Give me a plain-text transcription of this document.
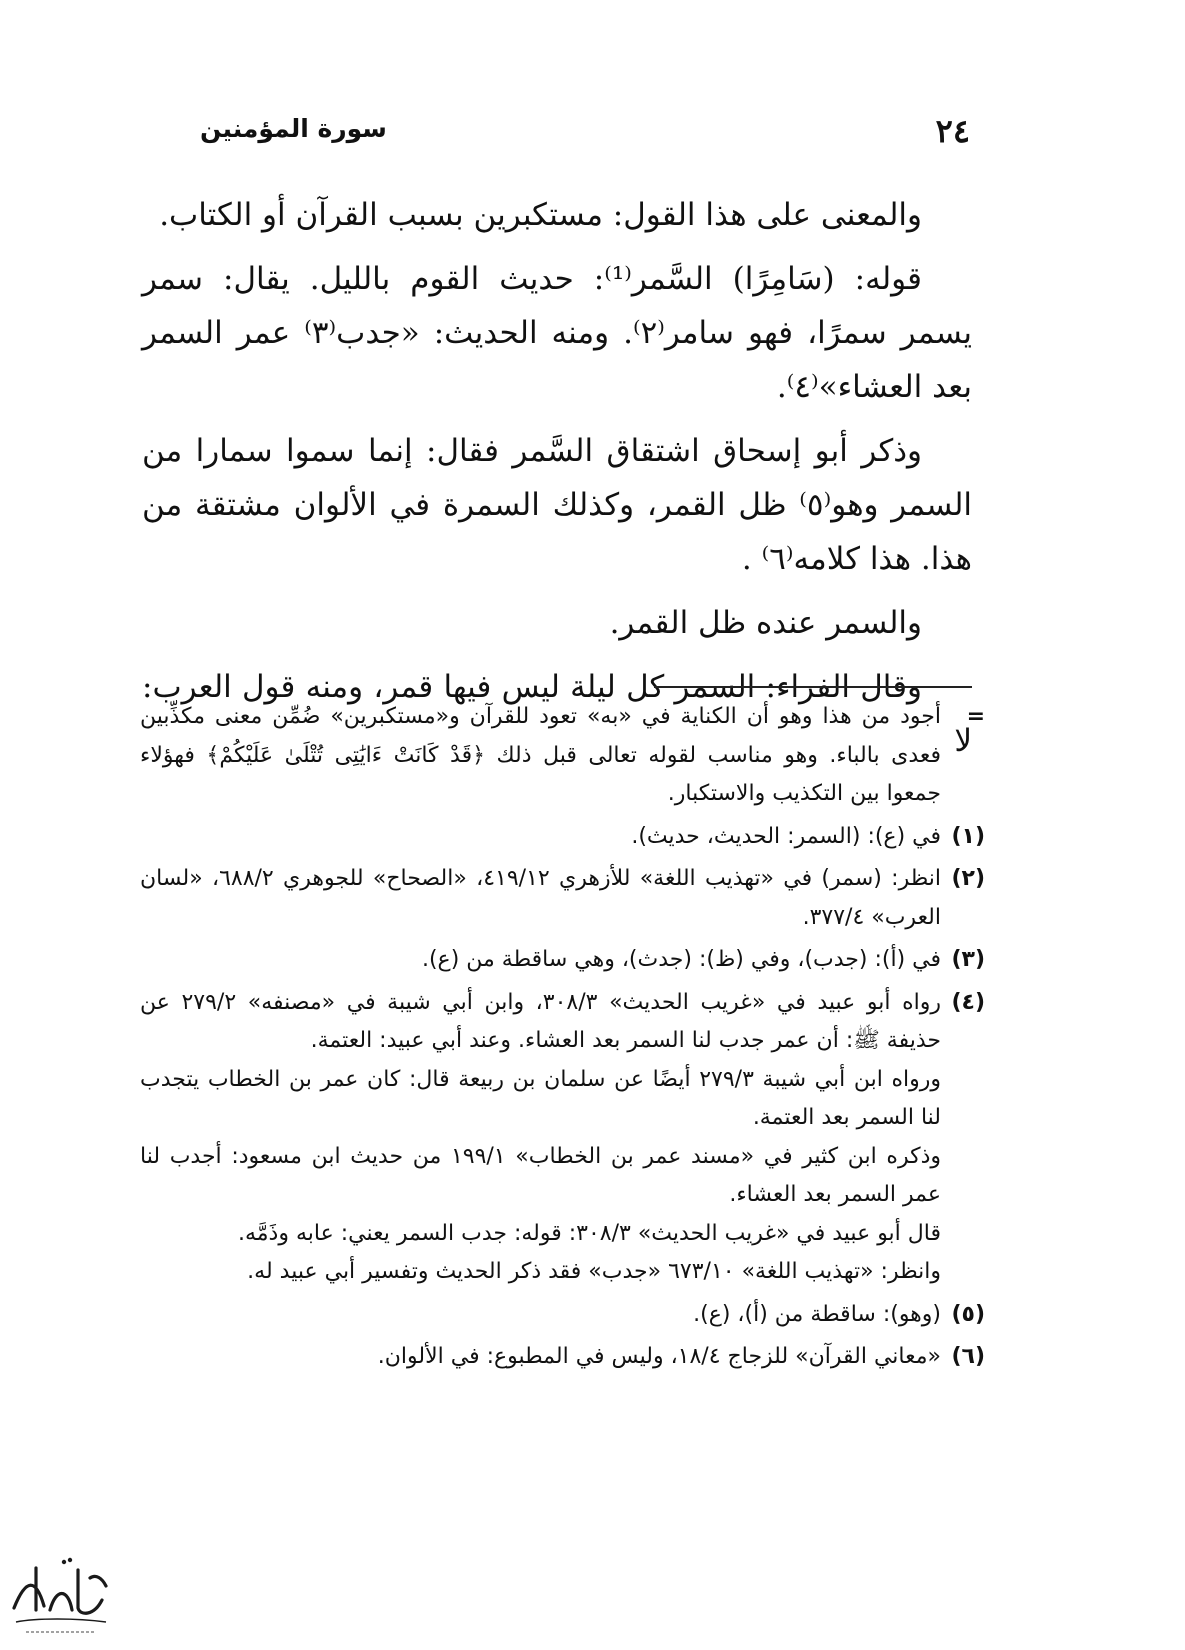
٢٤
سورة المؤمنين

والمعنى على هذا القول: مستكبرين بسبب القرآن أو الكتاب.

قوله: (سَامِرًا) السَّمر⁽¹⁾: حديث القوم بالليل. يقال: سمر يسمر سمرًا، فهو سامر⁽٢⁾. ومنه الحديث: «جدب⁽٣⁾ عمر السمر بعد العشاء»⁽٤⁾.

وذكر أبو إسحاق اشتقاق السَّمر فقال: إنما سموا سمارا من السمر وهو⁽٥⁾ ظل القمر، وكذلك السمرة في الألوان مشتقة من هذا. هذا كلامه⁽٦⁾ .

والسمر عنده ظل القمر.

وقال الفراء: السمر كل ليلة ليس فيها قمر، ومنه قول العرب: لا

=

أجود من هذا وهو أن الكناية في «به» تعود للقرآن و«مستكبرين» ضُمِّن معنى مكذِّبين فعدى بالباء. وهو مناسب لقوله تعالى قبل ذلك ﴿قَدْ كَانَتْ ءَايَٰتِى تُتْلَىٰ عَلَيْكُمْ﴾ فهؤلاء جمعوا بين التكذيب والاستكبار.

(١)

في (ع): (السمر: الحديث، حديث).

(٢)

انظر: (سمر) في «تهذيب اللغة» للأزهري ٤١٩/١٢، «الصحاح» للجوهري ٦٨٨/٢، «لسان العرب» ٣٧٧/٤.

(٣)

في (أ): (جدب)، وفي (ظ): (جدث)، وهي ساقطة من (ع).

(٤)

رواه أبو عبيد في «غريب الحديث» ٣٠٨/٣، وابن أبي شيبة في «مصنفه» ٢٧٩/٢ عن حذيفة ﷺ: أن عمر جدب لنا السمر بعد العشاء. وعند أبي عبيد: العتمة.

ورواه ابن أبي شيبة ٢٧٩/٣ أيضًا عن سلمان بن ربيعة قال: كان عمر بن الخطاب يتجدب لنا السمر بعد العتمة.

وذكره ابن كثير في «مسند عمر بن الخطاب» ١٩٩/١ من حديث ابن مسعود: أجدب لنا عمر السمر بعد العشاء.

قال أبو عبيد في «غريب الحديث» ٣٠٨/٣: قوله: جدب السمر يعني: عابه وذَمَّه.

وانظر: «تهذيب اللغة» ٦٧٣/١٠ «جدب» فقد ذكر الحديث وتفسير أبي عبيد له.

(٥)

(وهو): ساقطة من (أ)، (ع).

(٦)

«معاني القرآن» للزجاج ١٨/٤، وليس في المطبوع: في الألوان.
